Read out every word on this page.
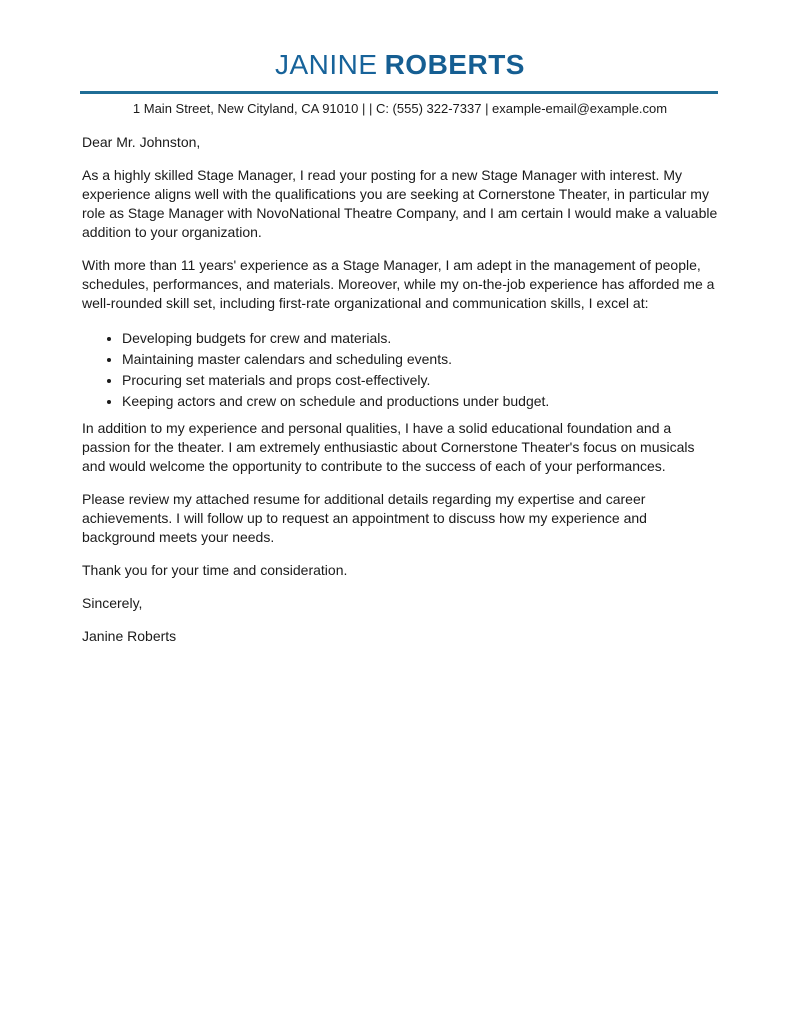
JANINE ROBERTS
1 Main Street, New Cityland, CA 91010 | | C: (555) 322-7337 | example-email@example.com

Dear Mr. Johnston,

As a highly skilled Stage Manager, I read your posting for a new Stage Manager with interest. My experience aligns well with the qualifications you are seeking at Cornerstone Theater, in particular my role as Stage Manager with NovoNational Theatre Company, and I am certain I would make a valuable addition to your organization.

With more than 11 years' experience as a Stage Manager, I am adept in the management of people, schedules, performances, and materials. Moreover, while my on-the-job experience has afforded me a well-rounded skill set, including first-rate organizational and communication skills, I excel at:

• Developing budgets for crew and materials.
• Maintaining master calendars and scheduling events.
• Procuring set materials and props cost-effectively.
• Keeping actors and crew on schedule and productions under budget.

In addition to my experience and personal qualities, I have a solid educational foundation and a passion for the theater. I am extremely enthusiastic about Cornerstone Theater's focus on musicals and would welcome the opportunity to contribute to the success of each of your performances.

Please review my attached resume for additional details regarding my expertise and career achievements. I will follow up to request an appointment to discuss how my experience and background meets your needs.

Thank you for your time and consideration.

Sincerely,

Janine Roberts
